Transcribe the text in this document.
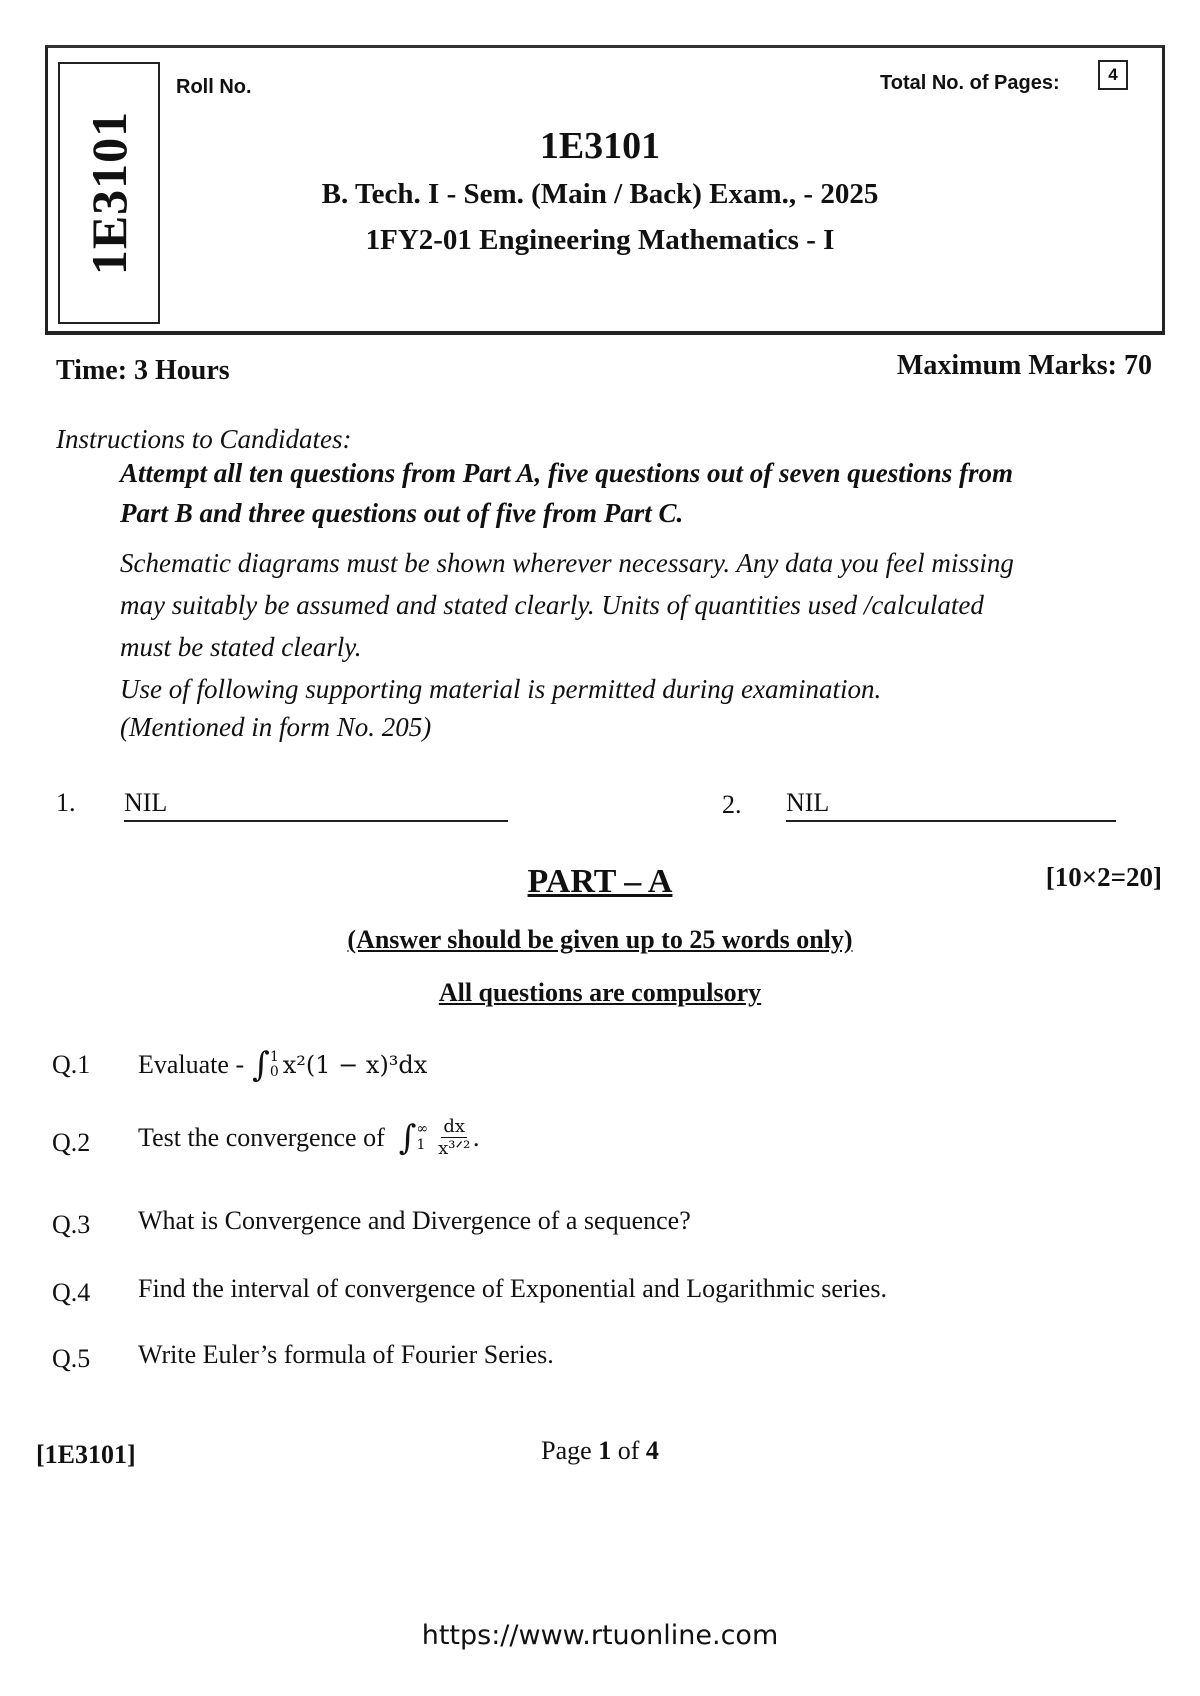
1E3101
Roll No.	Total No. of Pages:	4
1E3101
B. Tech. I - Sem. (Main / Back) Exam., - 2025
1FY2-01 Engineering Mathematics - I
Time: 3 Hours	Maximum Marks: 70
Instructions to Candidates:
Attempt all ten questions from Part A, five questions out of seven questions from
Part B and three questions out of five from Part C.
Schematic diagrams must be shown wherever necessary. Any data you feel missing
may suitably be assumed and stated clearly. Units of quantities used /calculated
must be stated clearly.
Use of following supporting material is permitted during examination.
(Mentioned in form No. 205)
1. NIL	2. NIL
PART – A	[10×2=20]
(Answer should be given up to 25 words only)
All questions are compulsory
Q.1 Evaluate - ∫ 1
0 x²(1 − x)³dx
Q.2 Test the convergence of ∫ ∞
$1 \frac{dx}{\text{x³ᐟ²}}$ .
Q.3 What is Convergence and Divergence of a sequence?
Q.4 Find the interval of convergence of Exponential and Logarithmic series.
Q.5 Write Euler’s formula of Fourier Series.
[1E3101]	Page 1 of 4
https://www.rtuonline.com
